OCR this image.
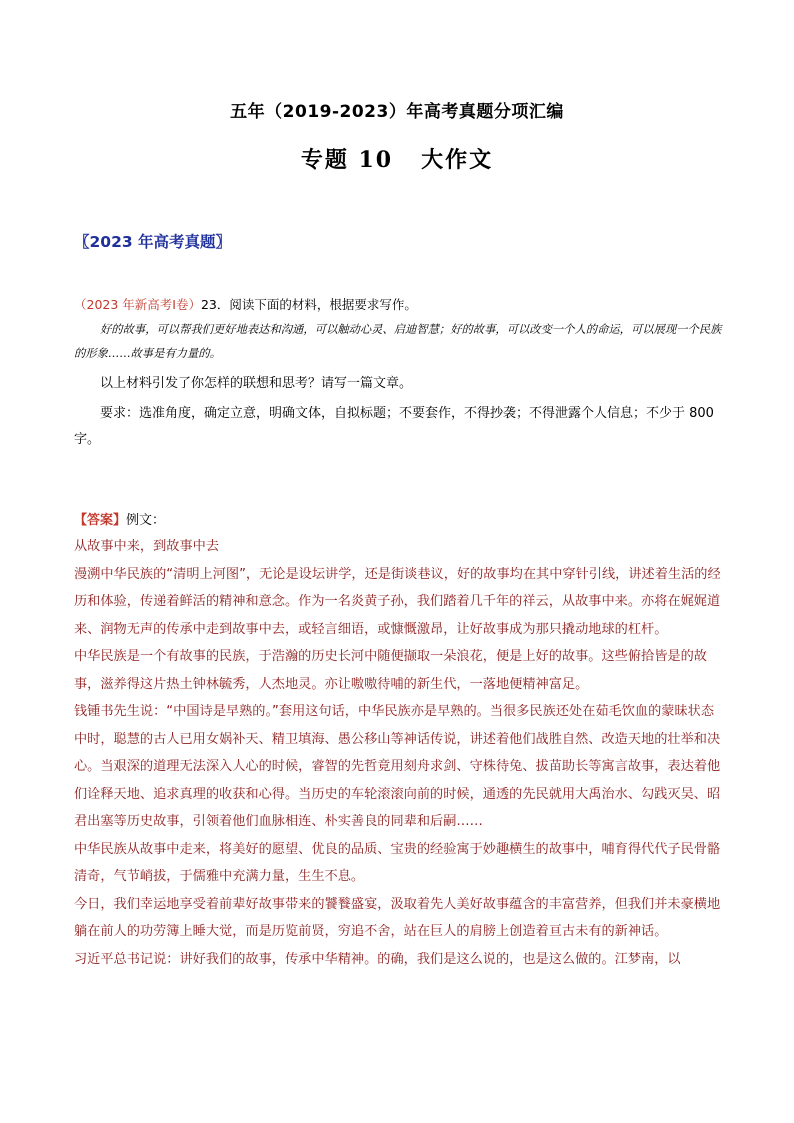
五年（2019-2023）年高考真题分项汇编
专题 10 大作文
〖2023 年高考真题〗
（2023 年新高考Ⅰ卷）23．阅读下面的材料，根据要求写作。
好的故事，可以帮我们更好地表达和沟通，可以触动心灵、启迪智慧；好的故事，可以改变一个人的命运，可以展现一个民族的形象……故事是有力量的。
以上材料引发了你怎样的联想和思考？请写一篇文章。
要求：选准角度，确定立意，明确文体，自拟标题；不要套作，不得抄袭；不得泄露个人信息；不少于 800 字。
【答案】例文：

从故事中来，到故事中去

漫溯中华民族的“清明上河图”，无论是设坛讲学，还是街谈巷议，好的故事均在其中穿针引线，讲述着生活的经历和体验，传递着鲜活的精神和意念。作为一名炎黄子孙，我们踏着几千年的祥云，从故事中来。亦将在娓娓道来、润物无声的传承中走到故事中去，或轻言细语，或慷慨激昂，让好故事成为那只撬动地球的杠杆。

中华民族是一个有故事的民族，于浩瀚的历史长河中随便撷取一朵浪花，便是上好的故事。这些俯拾皆是的故事，滋养得这片热土钟林毓秀，人杰地灵。亦让嗷嗷待哺的新生代，一落地便精神富足。

钱锺书先生说：“中国诗是早熟的。”套用这句话，中华民族亦是早熟的。当很多民族还处在茹毛饮血的蒙昧状态中时，聪慧的古人已用女娲补天、精卫填海、愚公移山等神话传说，讲述着他们战胜自然、改造天地的壮举和决心。当艰深的道理无法深入人心的时候，睿智的先哲竟用刻舟求剑、守株待兔、拔苗助长等寓言故事，表达着他们诠释天地、追求真理的收获和心得。当历史的车轮滚滚向前的时候，通透的先民就用大禹治水、勾践灭吴、昭君出塞等历史故事，引领着他们血脉相连、朴实善良的同辈和后嗣……

中华民族从故事中走来，将美好的愿望、优良的品质、宝贵的经验寓于妙趣横生的故事中，哺育得代代子民骨骼清奇，气节峭拔，于儒雅中充满力量，生生不息。

今日，我们幸运地享受着前辈好故事带来的饕餮盛宴，汲取着先人美好故事蕴含的丰富营养，但我们并未豪横地躺在前人的功劳簿上睡大觉，而是历览前贤，穷追不舍，站在巨人的肩膀上创造着亘古未有的新神话。

习近平总书记说：讲好我们的故事，传承中华精神。的确，我们是这么说的，也是这么做的。江梦南，以
